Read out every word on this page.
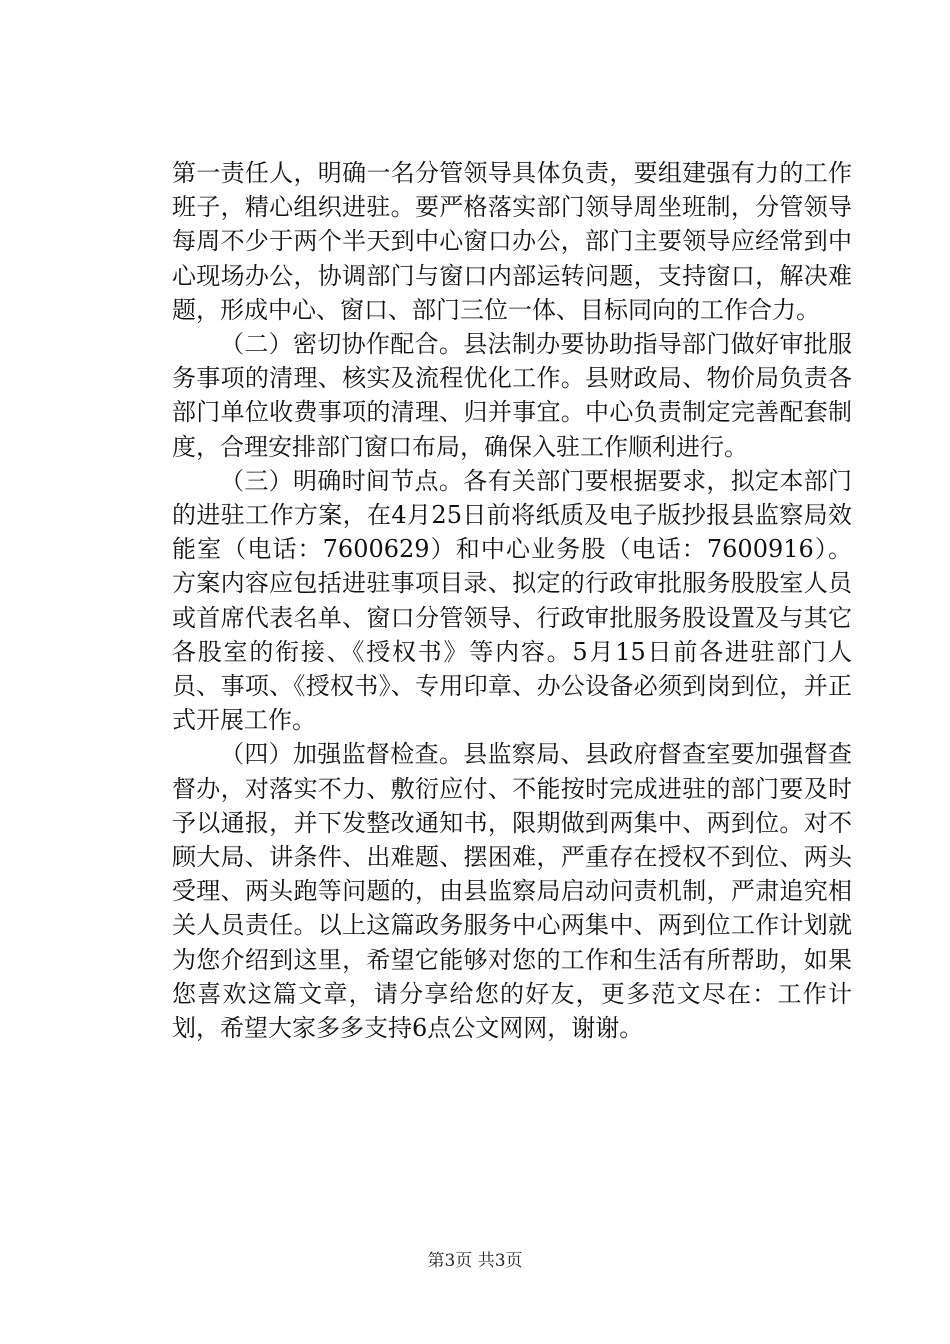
第一责任人，明确一名分管领导具体负责，要组建强有力的工作班子，精心组织进驻。要严格落实部门领导周坐班制，分管领导每周不少于两个半天到中心窗口办公，部门主要领导应经常到中心现场办公，协调部门与窗口内部运转问题，支持窗口，解决难题，形成中心、窗口、部门三位一体、目标同向的工作合力。

（二）密切协作配合。县法制办要协助指导部门做好审批服务事项的清理、核实及流程优化工作。县财政局、物价局负责各部门单位收费事项的清理、归并事宜。中心负责制定完善配套制度，合理安排部门窗口布局，确保入驻工作顺利进行。

（三）明确时间节点。各有关部门要根据要求，拟定本部门的进驻工作方案，在4月25日前将纸质及电子版抄报县监察局效能室（电话：7600629）和中心业务股（电话：7600916）。方案内容应包括进驻事项目录、拟定的行政审批服务股股室人员或首席代表名单、窗口分管领导、行政审批服务股设置及与其它各股室的衔接、《授权书》等内容。5月15日前各进驻部门人员、事项、《授权书》、专用印章、办公设备必须到岗到位，并正式开展工作。

（四）加强监督检查。县监察局、县政府督查室要加强督查督办，对落实不力、敷衍应付、不能按时完成进驻的部门要及时予以通报，并下发整改通知书，限期做到两集中、两到位。对不顾大局、讲条件、出难题、摆困难，严重存在授权不到位、两头受理、两头跑等问题的，由县监察局启动问责机制，严肃追究相关人员责任。以上这篇政务服务中心两集中、两到位工作计划就为您介绍到这里，希望它能够对您的工作和生活有所帮助，如果您喜欢这篇文章，请分享给您的好友，更多范文尽在：工作计划，希望大家多多支持6点公文网网，谢谢。

第3页 共3页
